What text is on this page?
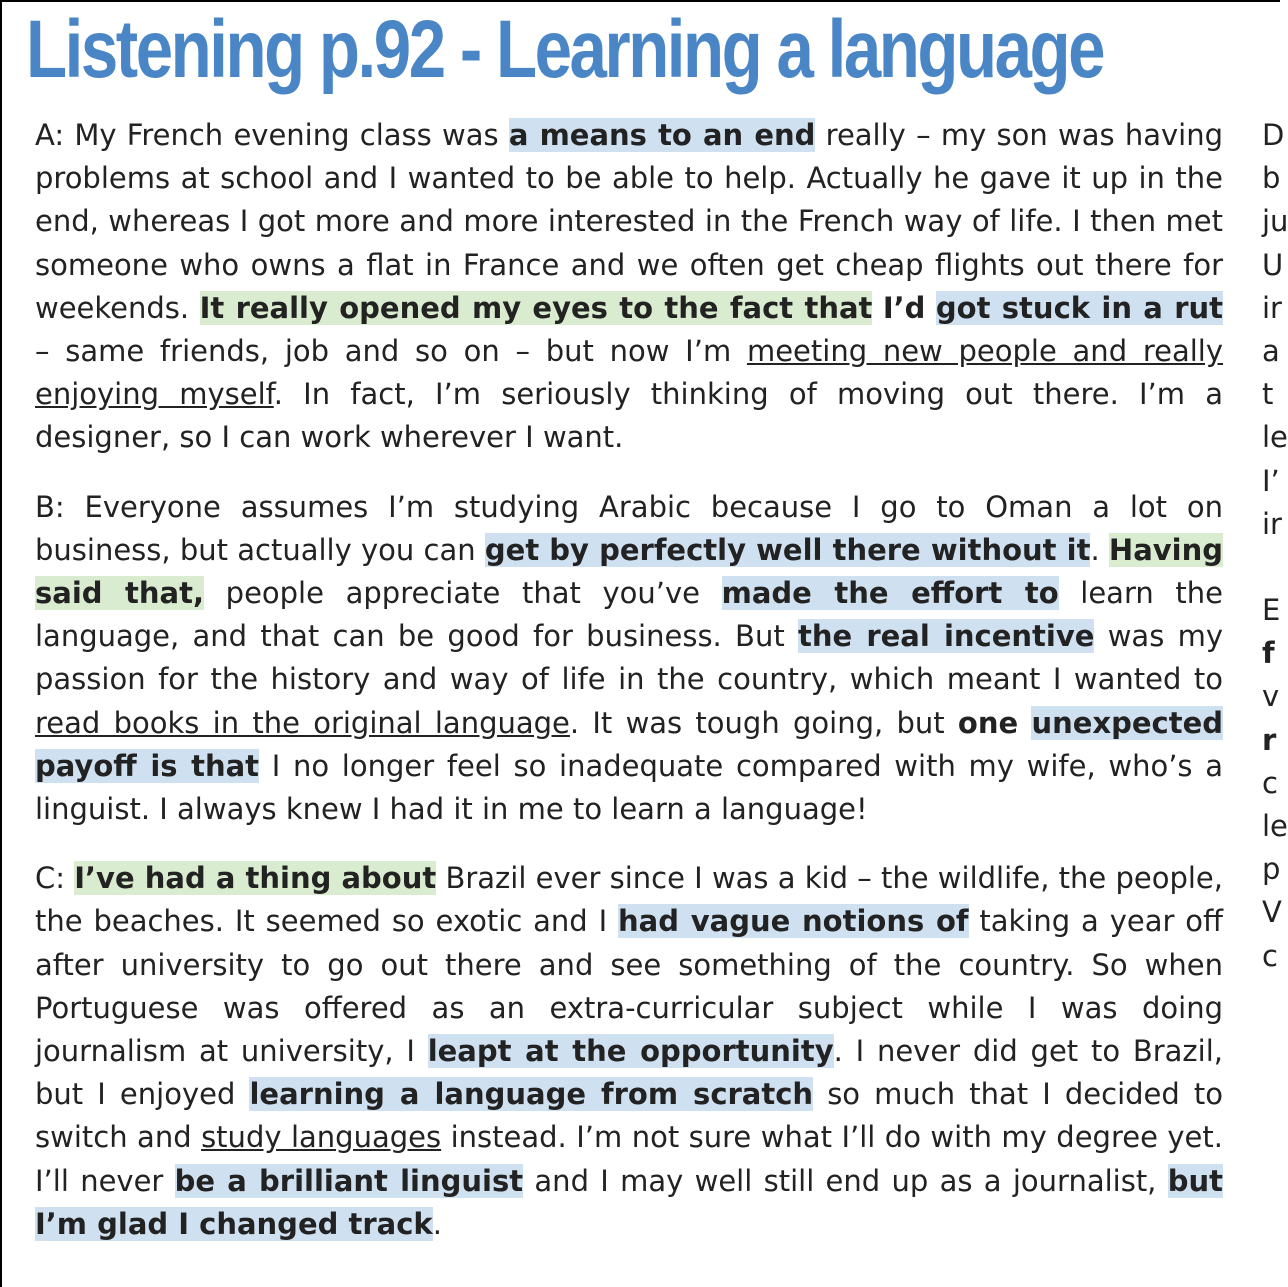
Listening p.92 - Learning a language

A: My French evening class was a means to an end really – my son was having problems at school and I wanted to be able to help. Actually he gave it up in the end, whereas I got more and more interested in the French way of life. I then met someone who owns a flat in France and we often get cheap flights out there for weekends. It really opened my eyes to the fact that I’d got stuck in a rut – same friends, job and so on – but now I’m meeting new people and really enjoying myself. In fact, I’m seriously thinking of moving out there. I’m a designer, so I can work wherever I want.

B: Everyone assumes I’m studying Arabic because I go to Oman a lot on business, but actually you can get by perfectly well there without it. Having said that, people appreciate that you’ve made the effort to learn the language, and that can be good for business. But the real incentive was my passion for the history and way of life in the country, which meant I wanted to read books in the original language. It was tough going, but one unexpected payoff is that I no longer feel so inadequate compared with my wife, who’s a linguist. I always knew I had it in me to learn a language!

C: I’ve had a thing about Brazil ever since I was a kid – the wildlife, the people, the beaches. It seemed so exotic and I had vague notions of taking a year off after university to go out there and see something of the country. So when Portuguese was offered as an extra-curricular subject while I was doing journalism at university, I leapt at the opportunity. I never did get to Brazil, but I enjoyed learning a language from scratch so much that I decided to switch and study languages instead. I’m not sure what I’ll do with my degree yet. I’ll never be a brilliant linguist and I may well still end up as a journalist, but I’m glad I changed track.

D
b
ju
U
ir
a
t
le
I’
ir
E
f
v
r
c
le
p
V
c
